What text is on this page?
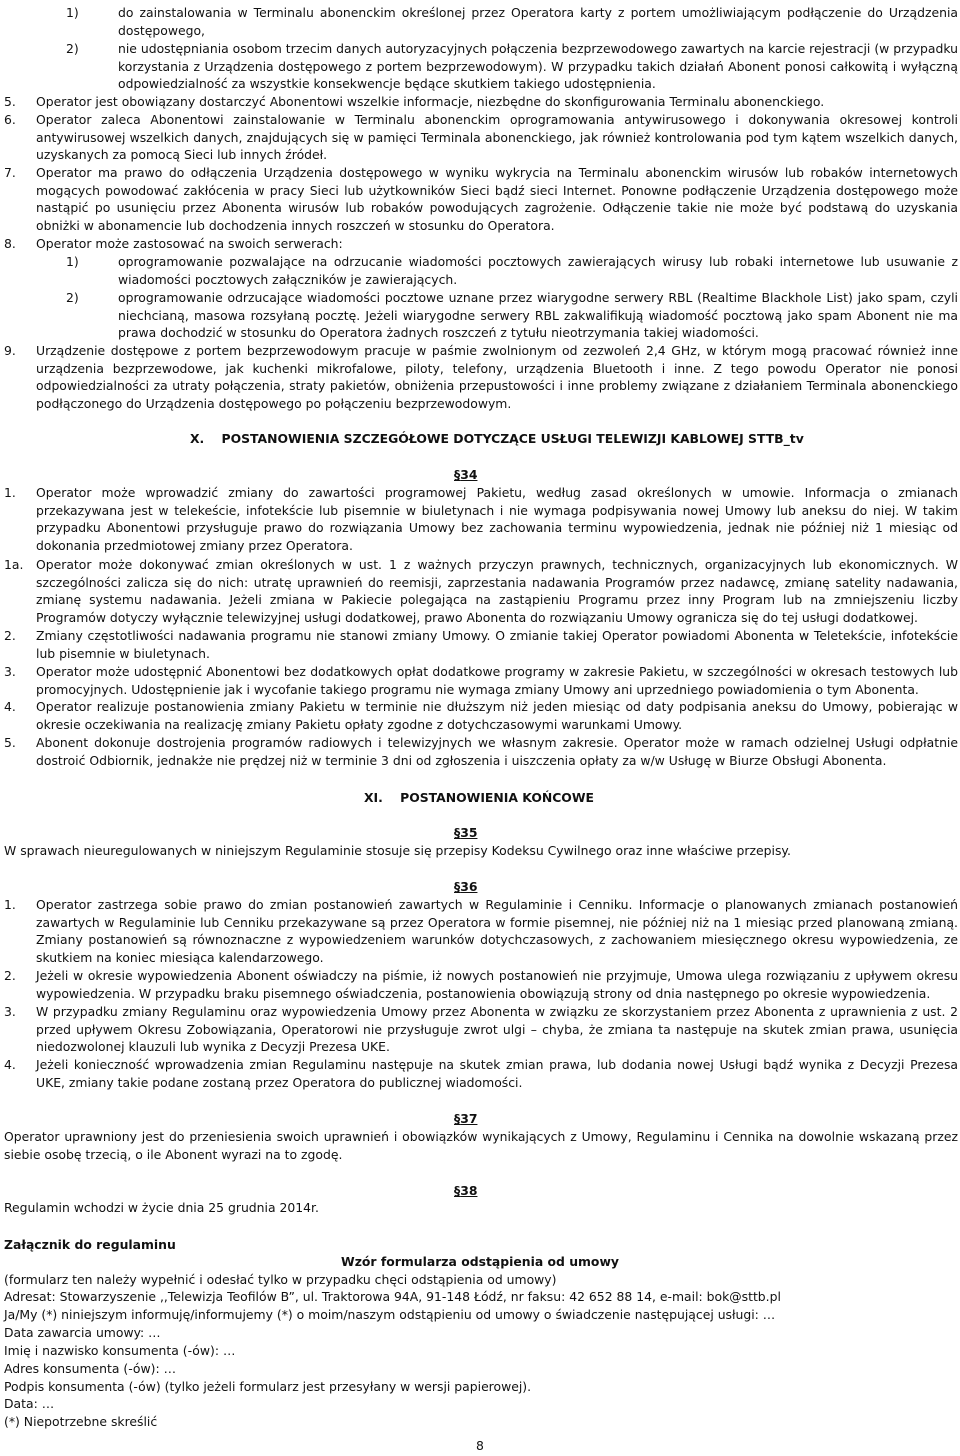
1)	do zainstalowania w Terminalu abonenckim określonej przez Operatora karty z portem umożliwiającym podłączenie do Urządzenia dostępowego,
2)	nie udostępniania osobom trzecim danych autoryzacyjnych połączenia bezprzewodowego zawartych na karcie rejestracji (w przypadku korzystania z Urządzenia dostępowego z portem bezprzewodowym). W przypadku takich działań Abonent ponosi całkowitą i wyłączną odpowiedzialność za wszystkie konsekwencje będące skutkiem takiego udostępnienia.
5. Operator jest obowiązany dostarczyć Abonentowi wszelkie informacje, niezbędne do skonfigurowania Terminalu abonenckiego.
6. Operator zaleca Abonentowi zainstalowanie w Terminalu abonenckim oprogramowania antywirusowego i dokonywania okresowej kontroli antywirusowej wszelkich danych, znajdujących się w pamięci Terminala abonenckiego, jak również kontrolowania pod tym kątem wszelkich danych, uzyskanych za pomocą Sieci lub innych źródeł.
7. Operator ma prawo do odłączenia Urządzenia dostępowego w wyniku wykrycia na Terminalu abonenckim wirusów lub robaków internetowych mogących powodować zakłócenia w pracy Sieci lub użytkowników Sieci bądź sieci Internet. Ponowne podłączenie Urządzenia dostępowego może nastąpić po usunięciu przez Abonenta wirusów lub robaków powodujących zagrożenie. Odłączenie takie nie może być podstawą do uzyskania obniżki w abonamencie lub dochodzenia innych roszczeń w stosunku do Operatora.
8. Operator może zastosować na swoich serwerach:
1)	oprogramowanie pozwalające na odrzucanie wiadomości pocztowych zawierających wirusy lub robaki internetowe lub usuwanie z wiadomości pocztowych załączników je zawierających.
2)	oprogramowanie odrzucające wiadomości pocztowe uznane przez wiarygodne serwery RBL (Realtime Blackhole List) jako spam, czyli niechcianą, masowa rozsyłaną pocztę. Jeżeli wiarygodne serwery RBL zakwalifikują wiadomość pocztową jako spam Abonent nie ma prawa dochodzić w stosunku do Operatora żadnych roszczeń z tytułu nieotrzymania takiej wiadomości.
9. Urządzenie dostępowe z portem bezprzewodowym pracuje w paśmie zwolnionym od zezwoleń 2,4 GHz, w którym mogą pracować również inne urządzenia bezprzewodowe, jak kuchenki mikrofalowe, piloty, telefony, urządzenia Bluetooth i inne. Z tego powodu Operator nie ponosi odpowiedzialności za utraty połączenia, straty pakietów, obniżenia przepustowości i inne problemy związane z działaniem Terminala abonenckiego podłączonego do Urządzenia dostępowego po połączeniu bezprzewodowym.
X.    POSTANOWIENIA SZCZEGÓŁOWE DOTYCZĄCE USŁUGI TELEWIZJI KABLOWEJ STTB_tv
§34
1. Operator może wprowadzić zmiany do zawartości programowej Pakietu, według zasad określonych w umowie. Informacja o zmianach przekazywana jest w telekeście, infotekście lub pisemnie w biuletynach i nie wymaga podpisywania nowej Umowy lub aneksu do niej. W takim przypadku Abonentowi przysługuje prawo do rozwiązania Umowy bez zachowania terminu wypowiedzenia, jednak nie później niż 1 miesiąc od dokonania przedmiotowej zmiany przez Operatora.
1a. Operator może dokonywać zmian określonych w ust. 1 z ważnych przyczyn prawnych, technicznych, organizacyjnych lub ekonomicznych. W szczególności zalicza się do nich: utratę uprawnień do reemisji, zaprzestania nadawania Programów przez nadawcę, zmianę satelity nadawania, zmianę systemu nadawania. Jeżeli zmiana w Pakiecie polegająca na zastąpieniu Programu przez inny Program lub na zmniejszeniu liczby Programów dotyczy wyłącznie telewizyjnej usługi dodatkowej, prawo Abonenta do rozwiązaniu Umowy ogranicza się do tej usługi dodatkowej.
2. Zmiany częstotliwości nadawania programu nie stanowi zmiany Umowy. O zmianie takiej Operator powiadomi Abonenta w Teletekście, infotekście lub pisemnie w biuletynach.
3. Operator może udostępnić Abonentowi bez dodatkowych opłat dodatkowe programy w zakresie Pakietu, w szczególności w okresach testowych lub promocyjnych. Udostępnienie jak i wycofanie takiego programu nie wymaga zmiany Umowy ani uprzedniego powiadomienia o tym Abonenta.
4. Operator realizuje postanowienia zmiany Pakietu w terminie nie dłuższym niż jeden miesiąc od daty podpisania aneksu do Umowy, pobierając w okresie oczekiwania na realizację zmiany Pakietu opłaty zgodne z dotychczasowymi warunkami Umowy.
5. Abonent dokonuje dostrojenia programów radiowych i telewizyjnych we własnym zakresie. Operator może w ramach odzielnej Usługi odpłatnie dostroić Odbiornik, jednakże nie prędzej niż w terminie 3 dni od zgłoszenia i uiszczenia opłaty za w/w Usługę w Biurze Obsługi Abonenta.
XI.    POSTANOWIENIA KOŃCOWE
§35
W sprawach nieuregulowanych w niniejszym Regulaminie stosuje się przepisy Kodeksu Cywilnego oraz inne właściwe przepisy.
§36
1. Operator zastrzega sobie prawo do zmian postanowień zawartych w Regulaminie i Cenniku. Informacje o planowanych zmianach postanowień zawartych w Regulaminie lub Cenniku przekazywane są przez Operatora w formie pisemnej, nie później niż na 1 miesiąc przed planowaną zmianą. Zmiany postanowień są równoznaczne z wypowiedzeniem warunków dotychczasowych, z zachowaniem miesięcznego okresu wypowiedzenia, ze skutkiem na koniec miesiąca kalendarzowego.
2. Jeżeli w okresie wypowiedzenia Abonent oświadczy na piśmie, iż nowych postanowień nie przyjmuje, Umowa ulega rozwiązaniu z upływem okresu wypowiedzenia. W przypadku braku pisemnego oświadczenia, postanowienia obowiązują strony od dnia następnego po okresie wypowiedzenia.
3. W przypadku zmiany Regulaminu oraz wypowiedzenia Umowy przez Abonenta w związku ze skorzystaniem przez Abonenta z uprawnienia z ust. 2 przed upływem Okresu Zobowiązania, Operatorowi nie przysługuje zwrot ulgi – chyba, że zmiana ta następuje na skutek zmian prawa, usunięcia niedozwolonej klauzuli lub wynika z Decyzji Prezesa UKE.
4. Jeżeli konieczność wprowadzenia zmian Regulaminu następuje na skutek zmian prawa, lub dodania nowej Usługi bądź wynika z Decyzji Prezesa UKE, zmiany takie podane zostaną przez Operatora do publicznej wiadomości.
§37
Operator uprawniony jest do przeniesienia swoich uprawnień i obowiązków wynikających z Umowy, Regulaminu i Cennika na dowolnie wskazaną przez siebie osobę trzecią, o ile Abonent wyrazi na to zgodę.
§38
Regulamin wchodzi w życie dnia 25 grudnia 2014r.
Załącznik do regulaminu
Wzór formularza odstąpienia od umowy
(formularz ten należy wypełnić i odesłać tylko w przypadku chęci odstąpienia od umowy)
Adresat: Stowarzyszenie ,,Telewizja Teofilów B”, ul. Traktorowa 94A, 91-148 Łódź, nr faksu: 42 652 88 14, e-mail: bok@sttb.pl
Ja/My (*) niniejszym informuję/informujemy (*) o moim/naszym odstąpieniu od umowy o świadczenie następującej usługi: …
Data zawarcia umowy: …
Imię i nazwisko konsumenta (-ów): …
Adres konsumenta (-ów): …
Podpis konsumenta (-ów) (tylko jeżeli formularz jest przesyłany w wersji papierowej).
Data: …
(*) Niepotrzebne skreślić
8
